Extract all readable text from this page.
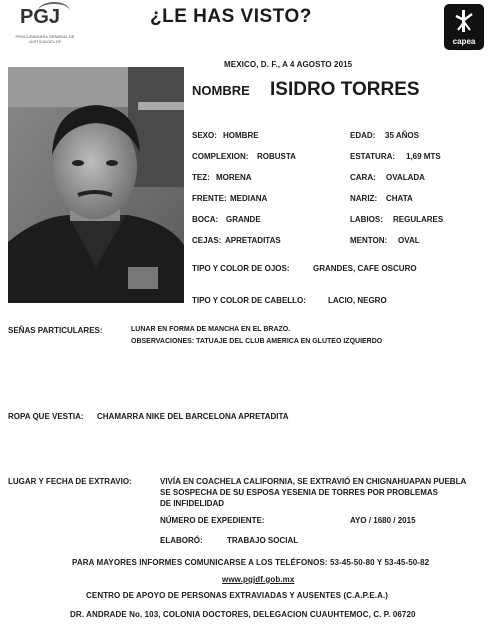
PGJ
PROCURADURÍA GENERAL DE JUSTICIA DEL DF
¿LE HAS VISTO?
capea
MEXICO, D. F., A 4 AGOSTO 2015
NOMBRE ISIDRO TORRES
SEXO: HOMBRE
COMPLEXION: ROBUSTA
TEZ: MORENA
FRENTE: MEDIANA
BOCA: GRANDE
CEJAS: APRETADITAS
EDAD: 35 AÑOS
ESTATURA: 1,69 MTS
CARA: OVALADA
NARIZ: CHATA
LABIOS: REGULARES
MENTON: OVAL
TIPO Y COLOR DE OJOS:	GRANDES, CAFE OSCURO
TIPO Y COLOR DE CABELLO:	LACIO, NEGRO
SEÑAS PARTICULARES:	LUNAR EN FORMA DE MANCHA EN EL BRAZO.
OBSERVACIONES: TATUAJE DEL CLUB AMERICA EN GLUTEO IZQUIERDO
ROPA QUE VESTIA: CHAMARRA NIKE DEL BARCELONA APRETADITA
LUGAR Y FECHA DE EXTRAVIO:	VIVÍA EN COACHELA CALIFORNIA, SE EXTRAVIÓ EN CHIGNAHUAPAN PUEBLA
SE SOSPECHA DE SU ESPOSA YESENIA DE TORRES POR PROBLEMAS
DE INFIDELIDAD
NÚMERO DE EXPEDIENTE:	AYO / 1680 / 2015
ELABORÓ:	TRABAJO SOCIAL
PARA MAYORES INFORMES COMUNICARSE A LOS TELÉFONOS: 53-45-50-80 Y 53-45-50-82
www.pgjdf.gob.mx
CENTRO DE APOYO DE PERSONAS EXTRAVIADAS Y AUSENTES (C.A.P.E.A.)
DR. ANDRADE No. 103, COLONIA DOCTORES, DELEGACION CUAUHTEMOC, C. P. 06720
